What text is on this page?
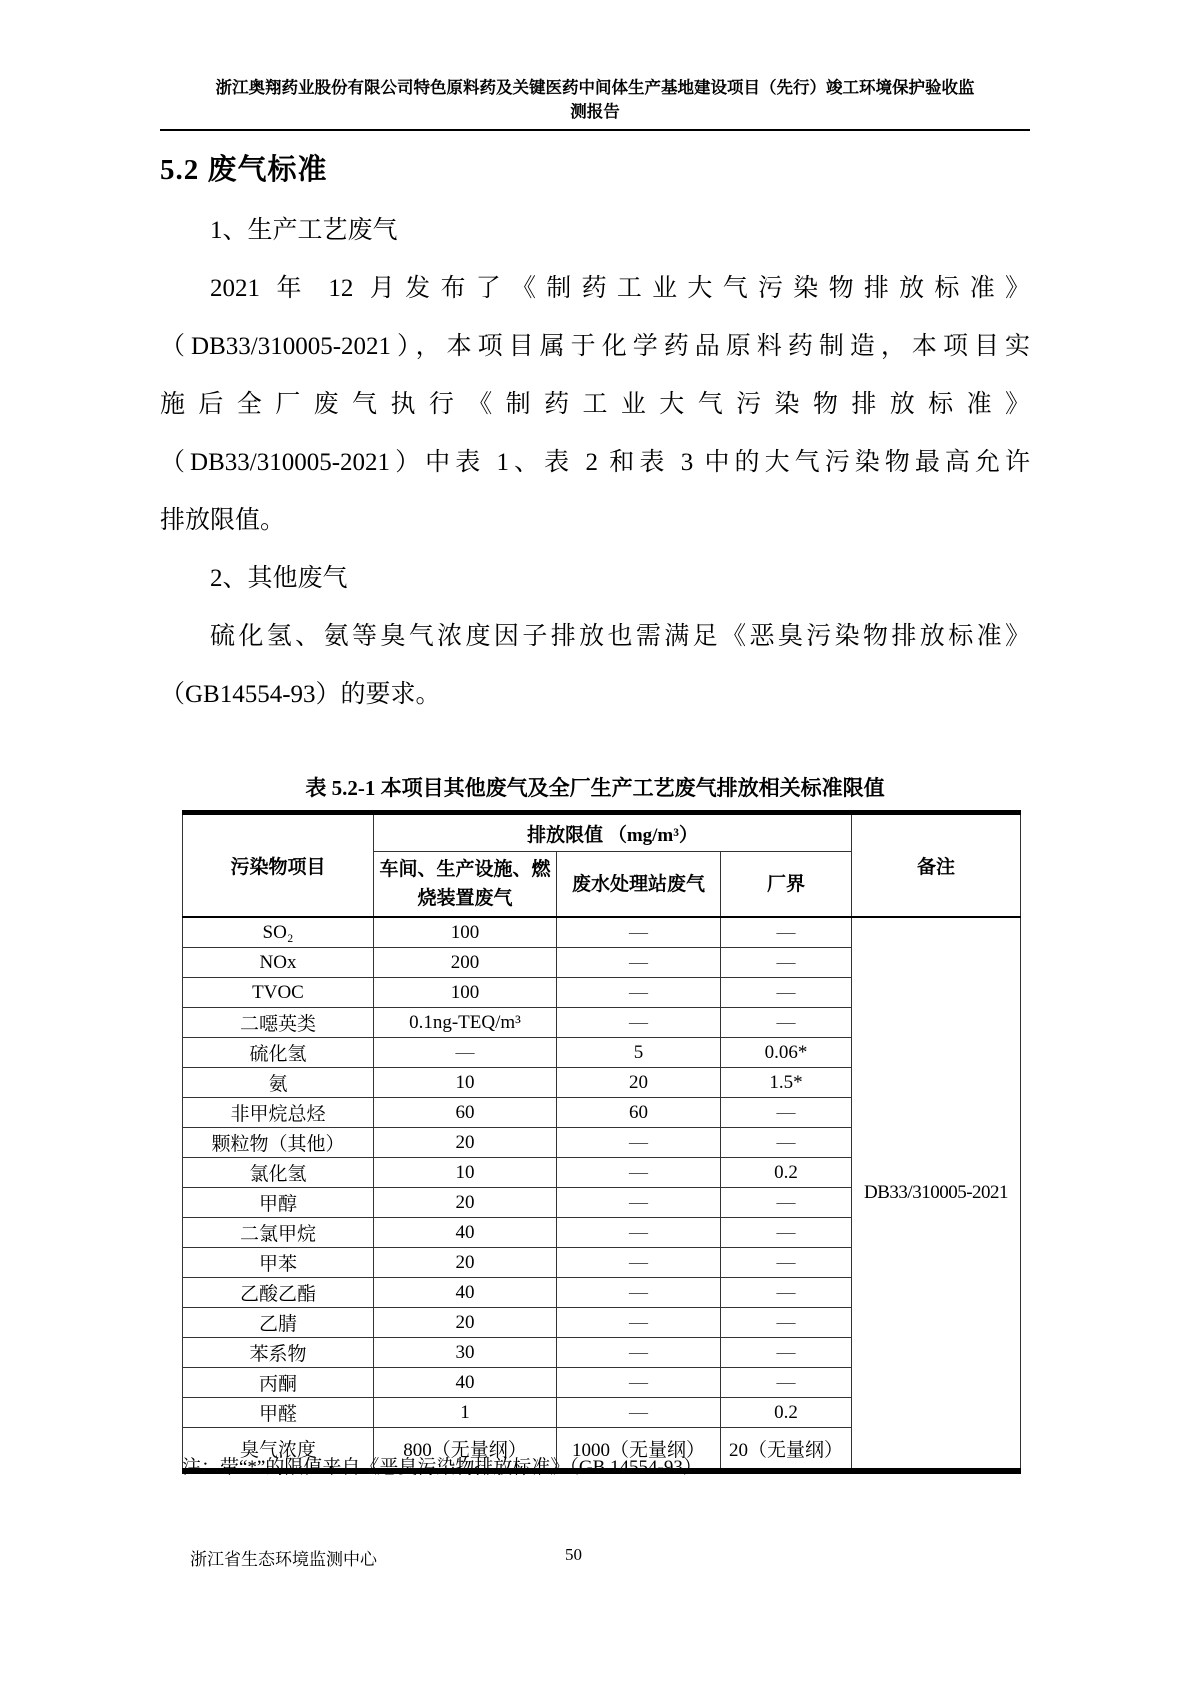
浙江奥翔药业股份有限公司特色原料药及关键医药中间体生产基地建设项目（先行）竣工环境保护验收监
测报告
5.2 废气标准
1、生产工艺废气
2021 年 12 月发布了《制药工业大气污染物排放标准》
（DB33/310005-2021），本项目属于化学药品原料药制造，本项目实
施后全厂废气执行《制药工业大气污染物排放标准》
（DB33/310005-2021）中表 1、表 2 和表 3 中的大气污染物最高允许
排放限值。
2、其他废气
硫化氢、氨等臭气浓度因子排放也需满足《恶臭污染物排放标准》
（GB14554-93）的要求。
表 5.2-1 本项目其他废气及全厂生产工艺废气排放相关标准限值
污染物项目	排放限值 （mg/m³）			备注
	车间、生产设施、燃烧装置废气	废水处理站废气	厂界	
SO₂	100	—	—	DB33/310005-2021
NOx	200	—	—	
TVOC	100	—	—	
二噁英类	0.1ng-TEQ/m³	—	—	
硫化氢	—	5	0.06*	
氨	10	20	1.5*	
非甲烷总烃	60	60	—	
颗粒物（其他）	20	—	—	
氯化氢	10	—	0.2	
甲醇	20	—	—	
二氯甲烷	40	—	—	
甲苯	20	—	—	
乙酸乙酯	40	—	—	
乙腈	20	—	—	
苯系物	30	—	—	
丙酮	40	—	—	
甲醛	1	—	0.2	
臭气浓度	800（无量纲）	1000（无量纲）	20（无量纲）	
注：带“*”的限值来自《恶臭污染物排放标准》（GB 14554-93）
浙江省生态环境监测中心	50
